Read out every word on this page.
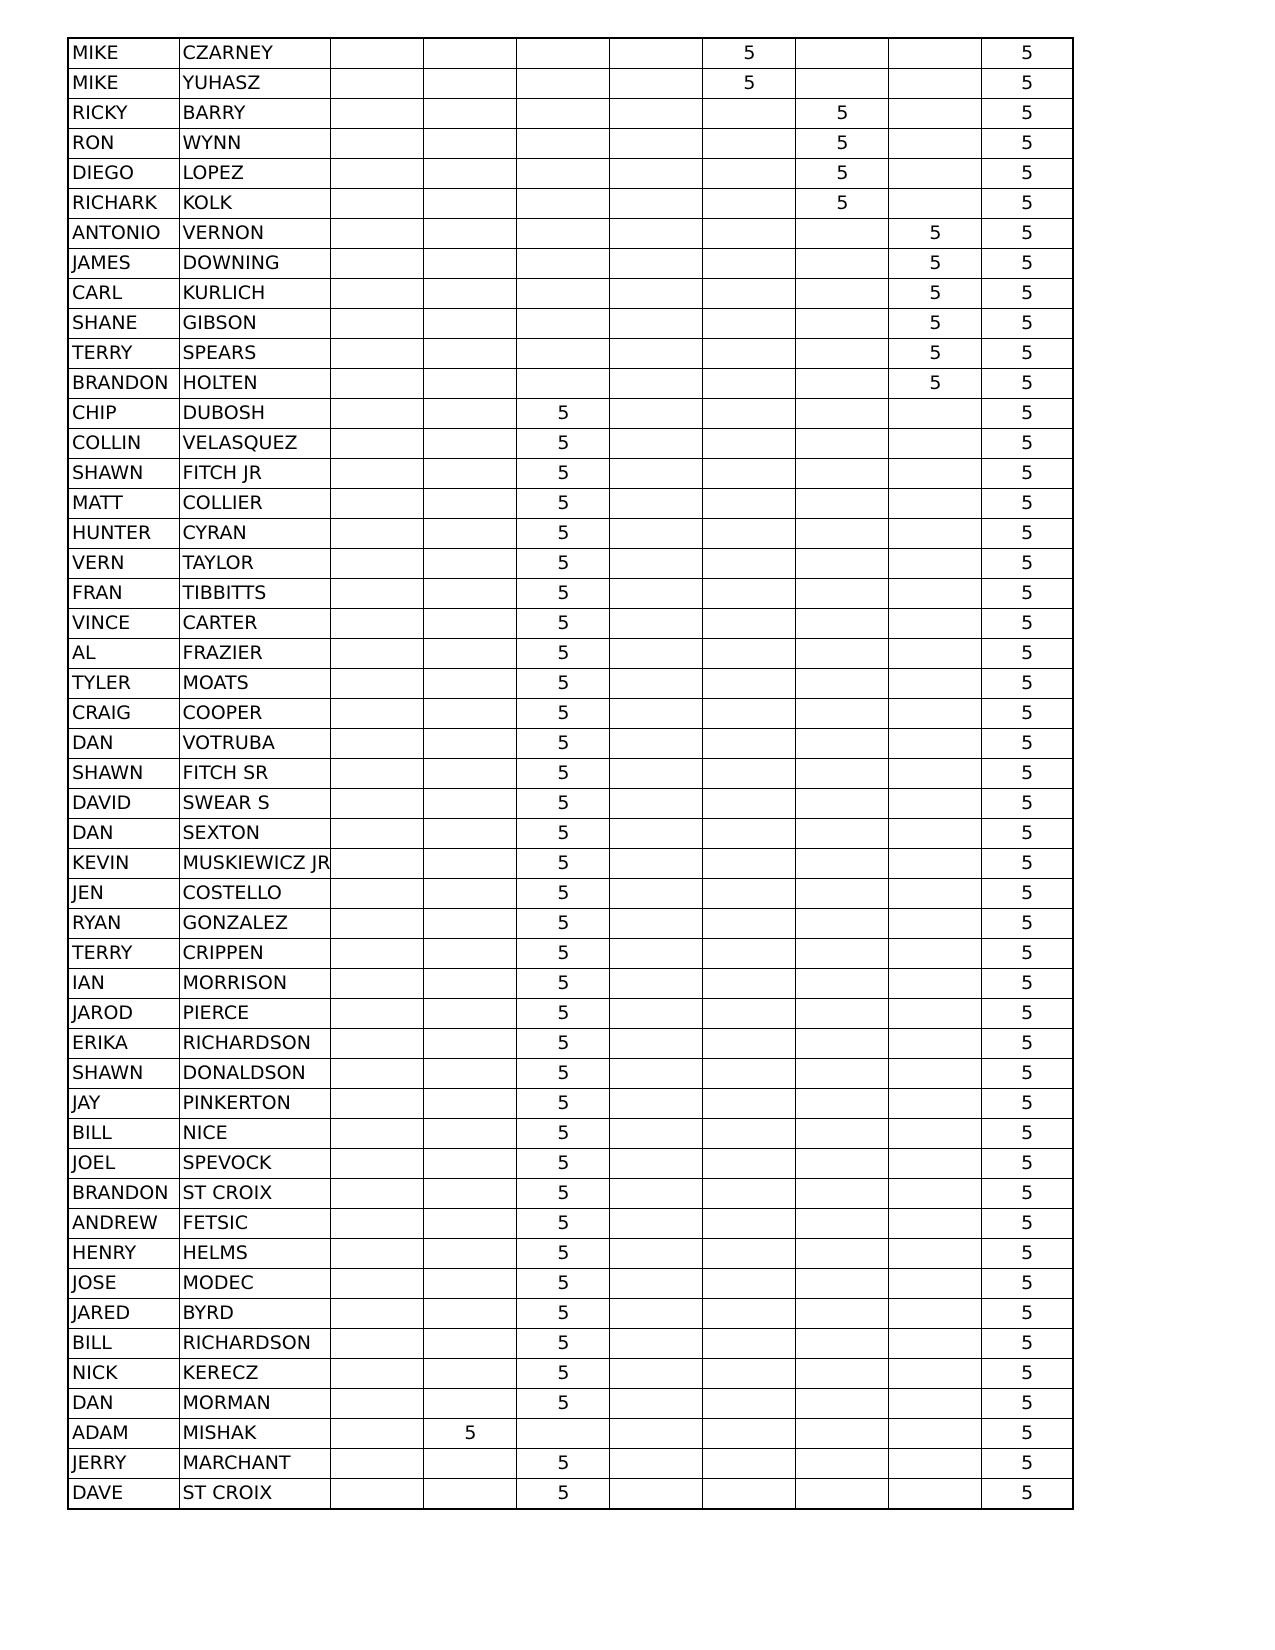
MIKE	CZARNEY					5			5
MIKE	YUHASZ					5			5
RICKY	BARRY						5		5
RON	WYNN						5		5
DIEGO	LOPEZ						5		5
RICHARK	KOLK						5		5
ANTONIO	VERNON							5	5
JAMES	DOWNING							5	5
CARL	KURLICH							5	5
SHANE	GIBSON							5	5
TERRY	SPEARS							5	5
BRANDON	HOLTEN							5	5
CHIP	DUBOSH			5					5
COLLIN	VELASQUEZ			5					5
SHAWN	FITCH JR			5					5
MATT	COLLIER			5					5
HUNTER	CYRAN			5					5
VERN	TAYLOR			5					5
FRAN	TIBBITTS			5					5
VINCE	CARTER			5					5
AL	FRAZIER			5					5
TYLER	MOATS			5					5
CRAIG	COOPER			5					5
DAN	VOTRUBA			5					5
SHAWN	FITCH SR			5					5
DAVID	SWEAR S			5					5
DAN	SEXTON			5					5
KEVIN	MUSKIEWICZ JR			5					5
JEN	COSTELLO			5					5
RYAN	GONZALEZ			5					5
TERRY	CRIPPEN			5					5
IAN	MORRISON			5					5
JAROD	PIERCE			5					5
ERIKA	RICHARDSON			5					5
SHAWN	DONALDSON			5					5
JAY	PINKERTON			5					5
BILL	NICE			5					5
JOEL	SPEVOCK			5					5
BRANDON	ST CROIX			5					5
ANDREW	FETSIC			5					5
HENRY	HELMS			5					5
JOSE	MODEC			5					5
JARED	BYRD			5					5
BILL	RICHARDSON			5					5
NICK	KERECZ			5					5
DAN	MORMAN			5					5
ADAM	MISHAK		5						5
JERRY	MARCHANT			5					5
DAVE	ST CROIX			5					5
